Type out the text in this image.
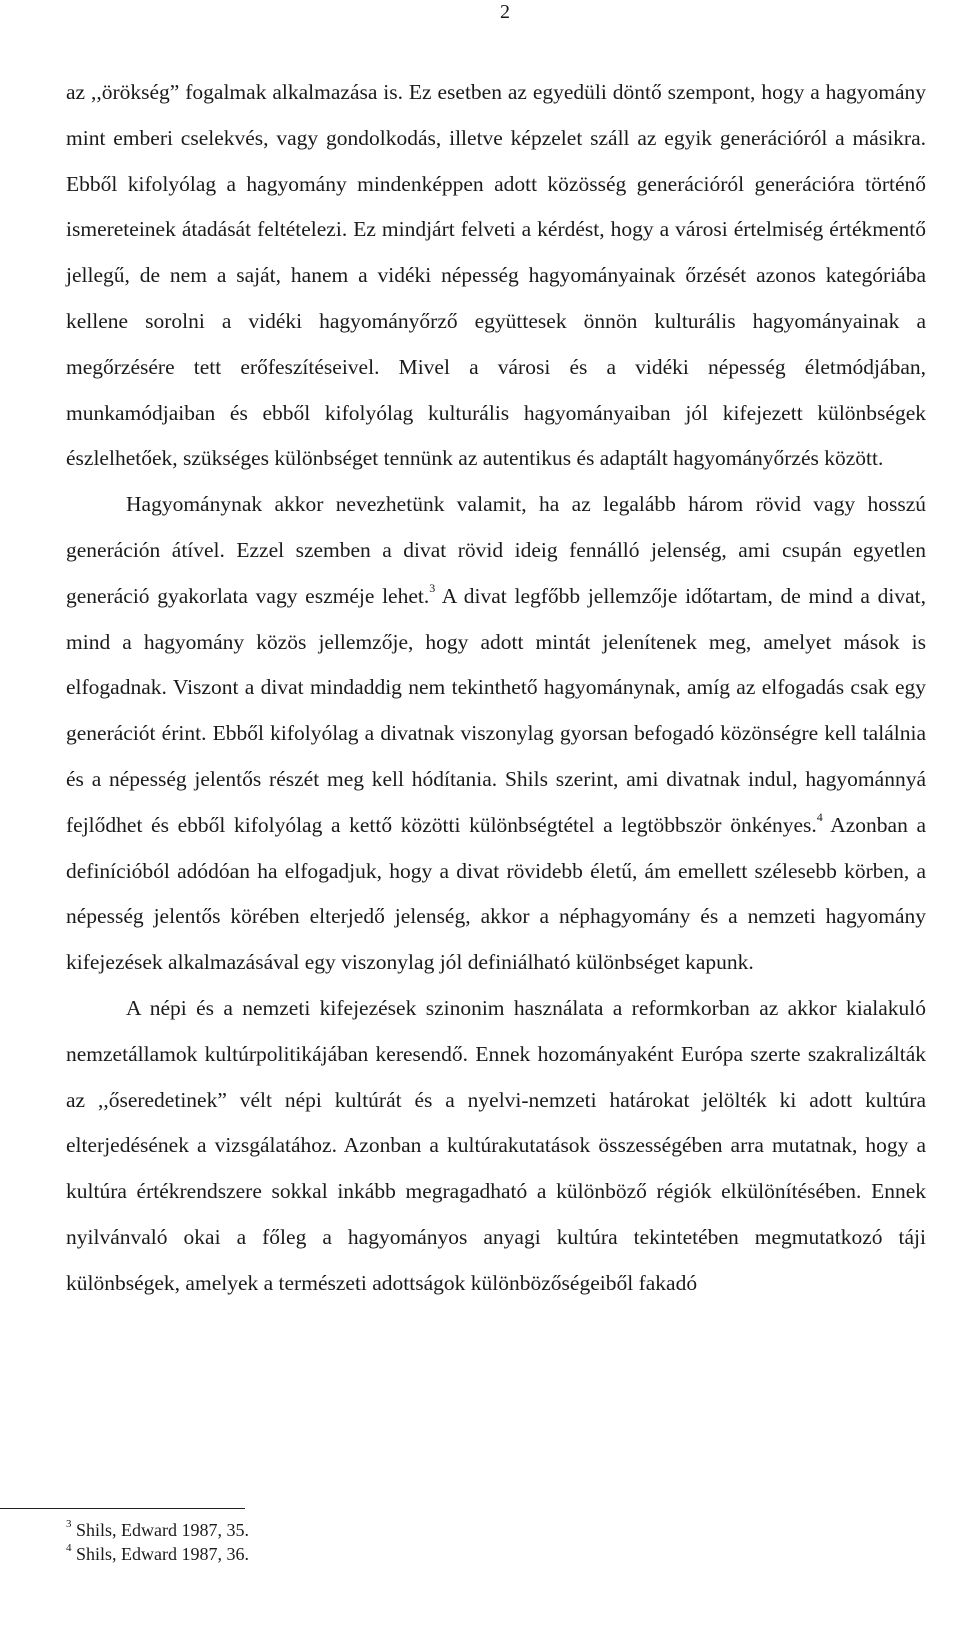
2

az ,,örökség” fogalmak alkalmazása is. Ez esetben az egyedüli döntő szempont, hogy a hagyomány mint emberi cselekvés, vagy gondolkodás, illetve képzelet száll az egyik generációról a másikra. Ebből kifolyólag a hagyomány mindenképpen adott közösség generációról generációra történő ismereteinek átadását feltételezi. Ez mindjárt felveti a kérdést, hogy a városi értelmiség értékmentő jellegű, de nem a saját, hanem a vidéki népesség hagyományainak őrzését azonos kategóriába kellene sorolni a vidéki hagyományőrző együttesek önnön kulturális hagyományainak a megőrzésére tett erőfeszítéseivel. Mivel a városi és a vidéki népesség életmódjában, munkamódjaiban és ebből kifolyólag kulturális hagyományaiban jól kifejezett különbségek észlelhetőek, szükséges különbséget tennünk az autentikus és adaptált hagyományőrzés között.

Hagyománynak akkor nevezhetünk valamit, ha az legalább három rövid vagy hosszú generáción átível. Ezzel szemben a divat rövid ideig fennálló jelenség, ami csupán egyetlen generáció gyakorlata vagy eszméje lehet.$^3$ A divat legfőbb jellemzője időtartam, de mind a divat, mind a hagyomány közös jellemzője, hogy adott mintát jelenítenek meg, amelyet mások is elfogadnak. Viszont a divat mindaddig nem tekinthető hagyománynak, amíg az elfogadás csak egy generációt érint. Ebből kifolyólag a divatnak viszonylag gyorsan befogadó közönségre kell találnia és a népesség jelentős részét meg kell hódítania. Shils szerint, ami divatnak indul, hagyománnyá fejlődhet és ebből kifolyólag a kettő közötti különbségtétel a legtöbbször önkényes.$^4$ Azonban a definícióból adódóan ha elfogadjuk, hogy a divat rövidebb életű, ám emellett szélesebb körben, a népesség jelentős körében elterjedő jelenség, akkor a néphagyomány és a nemzeti hagyomány kifejezések alkalmazásával egy viszonylag jól definiálható különbséget kapunk.

A népi és a nemzeti kifejezések szinonim használata a reformkorban az akkor kialakuló nemzetállamok kultúrpolitikájában keresendő. Ennek hozományaként Európa szerte szakralizálták az ,,őseredetinek” vélt népi kultúrát és a nyelvi-nemzeti határokat jelölték ki adott kultúra elterjedésének a vizsgálatához. Azonban a kultúrakutatások összességében arra mutatnak, hogy a kultúra értékrendszere sokkal inkább megragadható a különböző régiók elkülönítésében. Ennek nyilvánvaló okai a főleg a hagyományos anyagi kultúra tekintetében megmutatkozó táji különbségek, amelyek a természeti adottságok különbözőségeiből fakadó

$^3$ Shils, Edward 1987, 35.
$^4$ Shils, Edward 1987, 36.
